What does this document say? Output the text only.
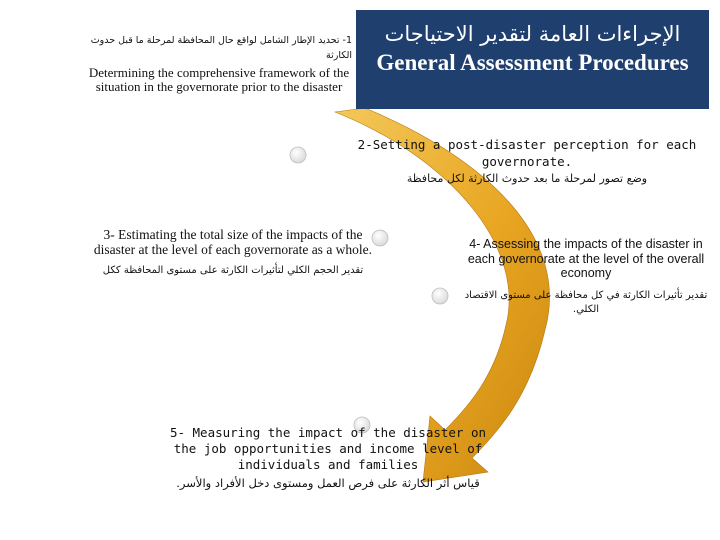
الإجراءات العامة لتقدير الاحتياجات
General Assessment Procedures
1- تحديد الإطار الشامل لواقع حال المحافظة لمرحلة ما قبل حدوث الكارثة
Determining the comprehensive framework of the situation in the governorate prior to the disaster
2-Setting a post-disaster perception for each governorate.
وضع تصور لمرحلة ما بعد حدوث الكارثة لكل محافظة
3- Estimating the total size of the impacts of the disaster at the level of each governorate as a whole.
تقدير الحجم الكلي لتأثيرات الكارثة على مستوى المحافظة ككل
4- Assessing the impacts of the disaster in each governorate at the level of the overall economy
تقدير تأثيرات الكارثة في كل محافظة على مستوى الاقتصاد الكلي.
5- Measuring the impact of the disaster on the job opportunities and income level of individuals and families
قياس أثر الكارثة على فرص العمل ومستوى دخل الأفراد والأسر.
